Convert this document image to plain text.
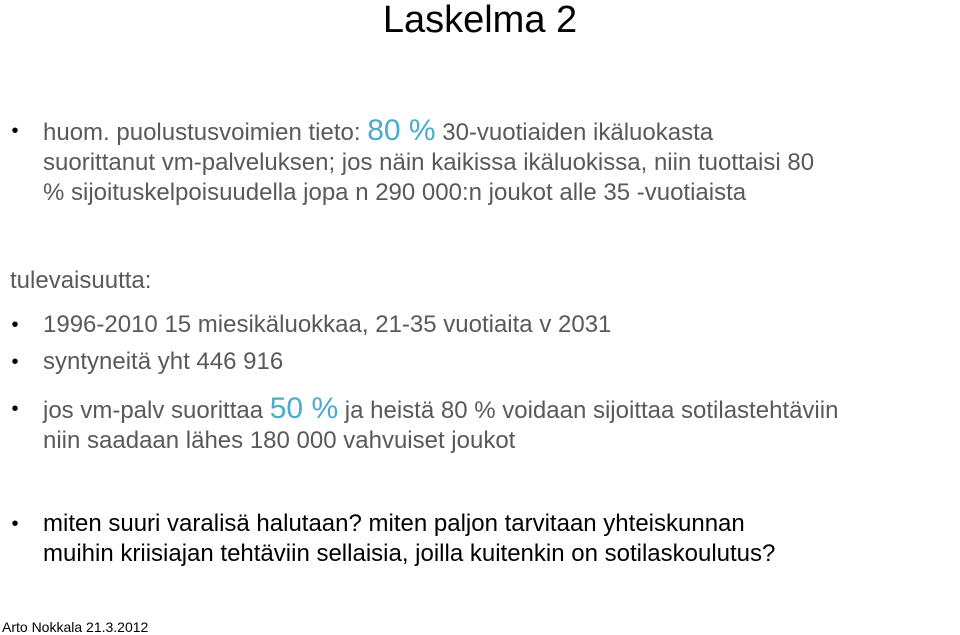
Laskelma 2
• huom. puolustusvoimien tieto: 80 % 30-vuotiaiden ikäluokasta
suorittanut vm-palveluksen; jos näin kaikissa ikäluokissa, niin tuottaisi 80
% sijoituskelpoisuudella jopa n 290 000:n joukot alle 35 -vuotiaista
tulevaisuutta:
• 1996-2010 15 miesikäluokkaa, 21-35 vuotiaita v 2031
• syntyneitä yht 446 916
• jos vm-palv suorittaa 50 % ja heistä 80 % voidaan sijoittaa sotilastehtäviin
niin saadaan lähes 180 000 vahvuiset joukot
• miten suuri varalisä halutaan? miten paljon tarvitaan yhteiskunnan
muihin kriisiajan tehtäviin sellaisia, joilla kuitenkin on sotilaskoulutus?
Arto Nokkala 21.3.2012
